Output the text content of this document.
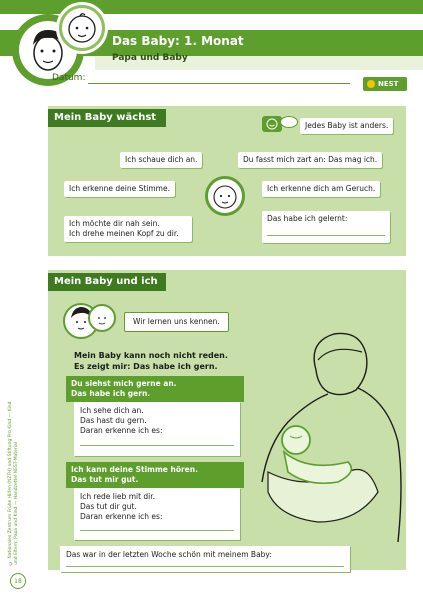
Das Baby: 1. Monat
Papa und Baby
Datum:
NEST
Mein Baby wächst
Jedes Baby ist anders.
Ich schaue dich an.
Ich erkenne deine Stimme.
Ich möchte dir nah sein.
Ich drehe meinen Kopf zu dir.
Du fasst mich zart an: Das mag ich.
Ich erkenne dich am Geruch.
Das habe ich gelernt:
Mein Baby und ich
Wir lernen uns kennen.
Mein Baby kann noch nicht reden.
Es zeigt mir: Das habe ich gern.
Du siehst mich gerne an.
Das habe ich gern.
Ich sehe dich an.
Das hast du gern.
Daran erkenne ich es:
Ich kann deine Stimme hören.
Das tut mir gut.
Ich rede lieb mit dir.
Das tut dir gut.
Daran erkenne ich es:
Das war in der letzten Woche schön mit meinem Baby:
© Nationales Zentrum Frühe Hilfen (NZFH) und Stiftung Pro Kind — Kind und Eltern: Papa und Kind — Handzettel NEST-Material
18
